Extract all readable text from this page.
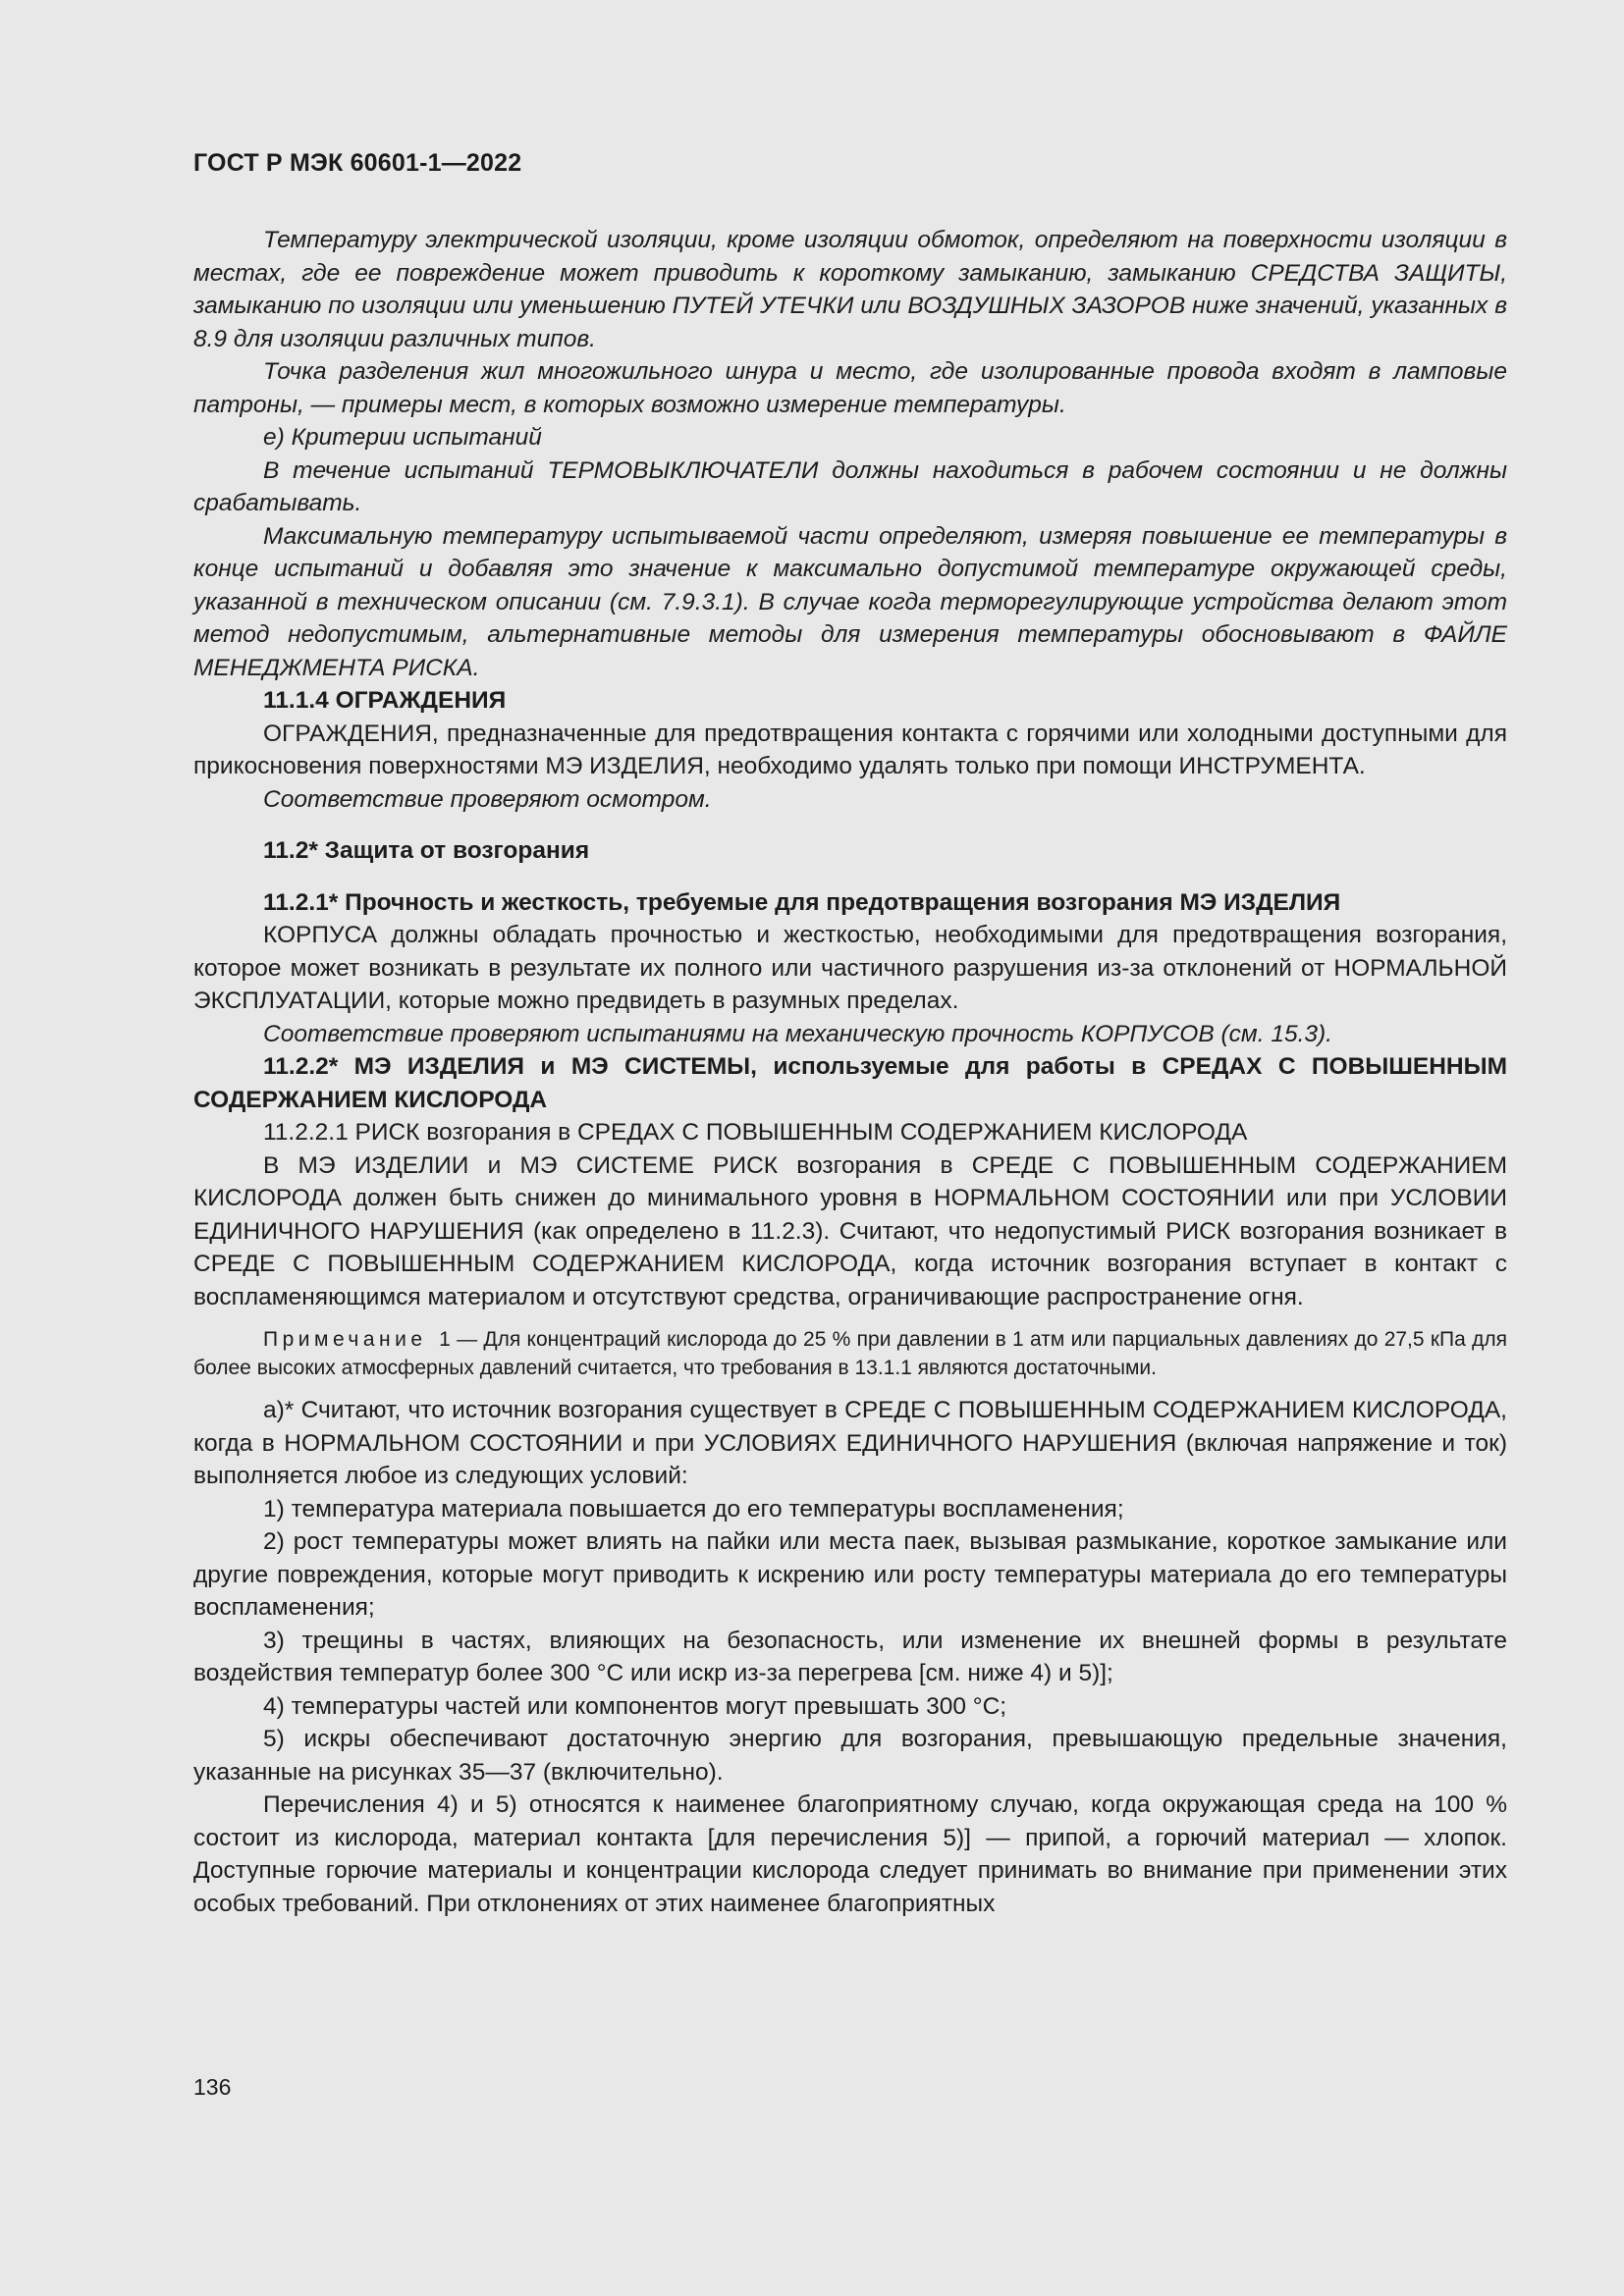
ГОСТ Р МЭК 60601-1—2022

Температуру электрической изоляции, кроме изоляции обмоток, определяют на поверхности изоляции в местах, где ее повреждение может приводить к короткому замыканию, замыканию СРЕДСТВА ЗАЩИТЫ, замыканию по изоляции или уменьшению ПУТЕЙ УТЕЧКИ или ВОЗДУШНЫХ ЗАЗОРОВ ниже значений, указанных в 8.9 для изоляции различных типов.

Точка разделения жил многожильного шнура и место, где изолированные провода входят в ламповые патроны, — примеры мест, в которых возможно измерение температуры.

e) Критерии испытаний

В течение испытаний ТЕРМОВЫКЛЮЧАТЕЛИ должны находиться в рабочем состоянии и не должны срабатывать.

Максимальную температуру испытываемой части определяют, измеряя повышение ее температуры в конце испытаний и добавляя это значение к максимально допустимой температуре окружающей среды, указанной в техническом описании (см. 7.9.3.1). В случае когда терморегулирующие устройства делают этот метод недопустимым, альтернативные методы для измерения температуры обосновывают в ФАЙЛЕ МЕНЕДЖМЕНТА РИСКА.

11.1.4 ОГРАЖДЕНИЯ

ОГРАЖДЕНИЯ, предназначенные для предотвращения контакта с горячими или холодными доступными для прикосновения поверхностями МЭ ИЗДЕЛИЯ, необходимо удалять только при помощи ИНСТРУМЕНТА.

Соответствие проверяют осмотром.

11.2* Защита от возгорания

11.2.1* Прочность и жесткость, требуемые для предотвращения возгорания МЭ ИЗДЕЛИЯ

КОРПУСА должны обладать прочностью и жесткостью, необходимыми для предотвращения возгорания, которое может возникать в результате их полного или частичного разрушения из-за отклонений от НОРМАЛЬНОЙ ЭКСПЛУАТАЦИИ, которые можно предвидеть в разумных пределах.

Соответствие проверяют испытаниями на механическую прочность КОРПУСОВ (см. 15.3).

11.2.2* МЭ ИЗДЕЛИЯ и МЭ СИСТЕМЫ, используемые для работы в СРЕДАХ С ПОВЫШЕННЫМ СОДЕРЖАНИЕМ КИСЛОРОДА

11.2.2.1 РИСК возгорания в СРЕДАХ С ПОВЫШЕННЫМ СОДЕРЖАНИЕМ КИСЛОРОДА

В МЭ ИЗДЕЛИИ и МЭ СИСТЕМЕ РИСК возгорания в СРЕДЕ С ПОВЫШЕННЫМ СОДЕРЖАНИЕМ КИСЛОРОДА должен быть снижен до минимального уровня в НОРМАЛЬНОМ СОСТОЯНИИ или при УСЛОВИИ ЕДИНИЧНОГО НАРУШЕНИЯ (как определено в 11.2.3). Считают, что недопустимый РИСК возгорания возникает в СРЕДЕ С ПОВЫШЕННЫМ СОДЕРЖАНИЕМ КИСЛОРОДА, когда источник возгорания вступает в контакт с воспламеняющимся материалом и отсутствуют средства, ограничивающие распространение огня.

Примечание 1 — Для концентраций кислорода до 25 % при давлении в 1 атм или парциальных давлениях до 27,5 кПа для более высоких атмосферных давлений считается, что требования в 13.1.1 являются достаточными.

a)* Считают, что источник возгорания существует в СРЕДЕ С ПОВЫШЕННЫМ СОДЕРЖАНИЕМ КИСЛОРОДА, когда в НОРМАЛЬНОМ СОСТОЯНИИ и при УСЛОВИЯХ ЕДИНИЧНОГО НАРУШЕНИЯ (включая напряжение и ток) выполняется любое из следующих условий:

1) температура материала повышается до его температуры воспламенения;

2) рост температуры может влиять на пайки или места паек, вызывая размыкание, короткое замыкание или другие повреждения, которые могут приводить к искрению или росту температуры материала до его температуры воспламенения;

3) трещины в частях, влияющих на безопасность, или изменение их внешней формы в результате воздействия температур более 300 °С или искр из-за перегрева [см. ниже 4) и 5)];

4) температуры частей или компонентов могут превышать 300 °С;

5) искры обеспечивают достаточную энергию для возгорания, превышающую предельные значения, указанные на рисунках 35—37 (включительно).

Перечисления 4) и 5) относятся к наименее благоприятному случаю, когда окружающая среда на 100 % состоит из кислорода, материал контакта [для перечисления 5)] — припой, а горючий материал — хлопок. Доступные горючие материалы и концентрации кислорода следует принимать во внимание при применении этих особых требований. При отклонениях от этих наименее благоприятных

136
